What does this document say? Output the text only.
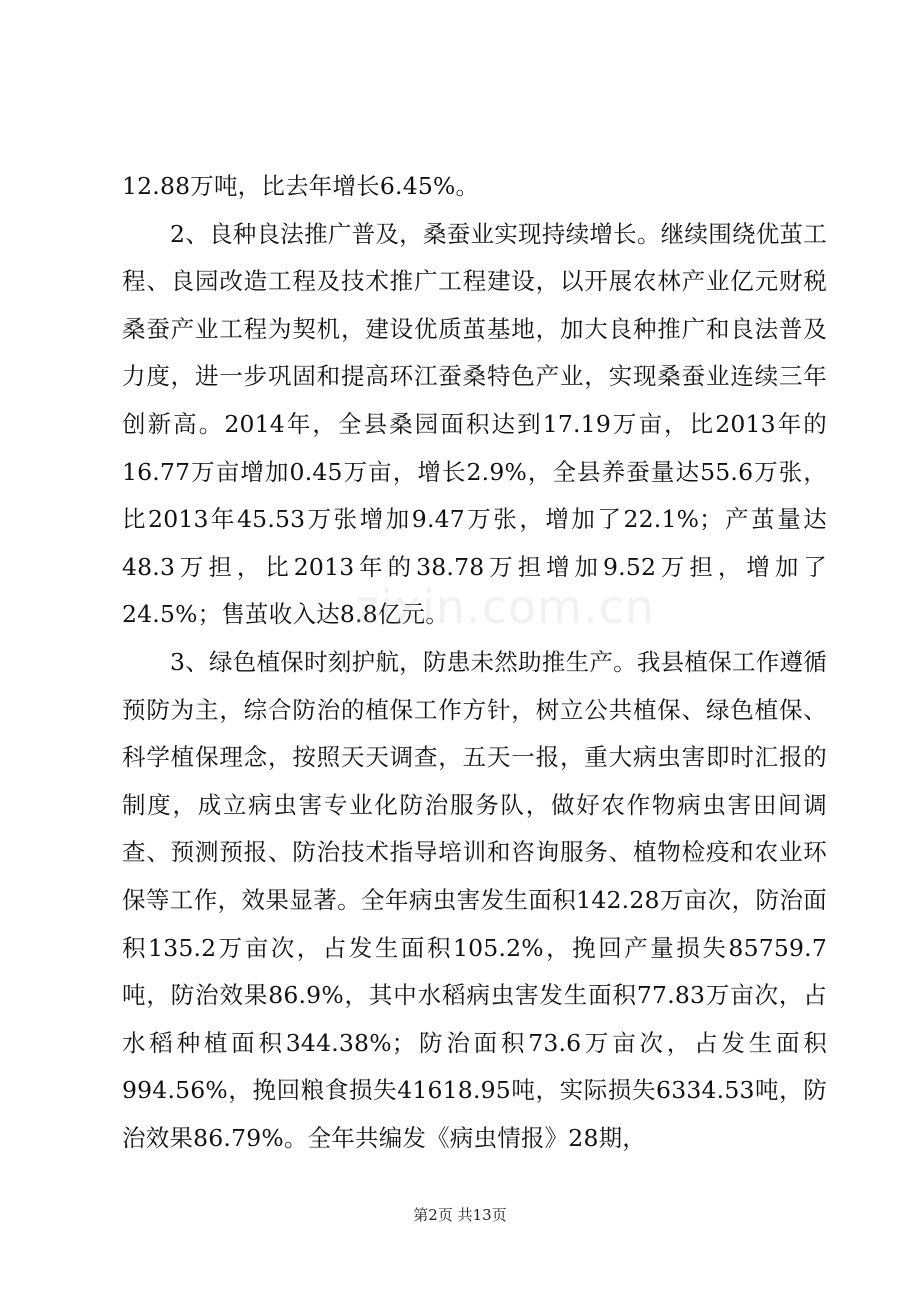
12.88万吨，比去年增长6.45%。

2、良种良法推广普及，桑蚕业实现持续增长。继续围绕优茧工程、良园改造工程及技术推广工程建设，以开展农林产业亿元财税桑蚕产业工程为契机，建设优质茧基地，加大良种推广和良法普及力度，进一步巩固和提高环江蚕桑特色产业，实现桑蚕业连续三年创新高。2014年，全县桑园面积达到17.19万亩，比2013年的16.77万亩增加0.45万亩，增长2.9%，全县养蚕量达55.6万张，比2013年45.53万张增加9.47万张，增加了22.1%；产茧量达48.3万担，比2013年的38.78万担增加9.52万担，增加了24.5%；售茧收入达8.8亿元。

3、绿色植保时刻护航，防患未然助推生产。我县植保工作遵循预防为主，综合防治的植保工作方针，树立公共植保、绿色植保、科学植保理念，按照天天调查，五天一报，重大病虫害即时汇报的制度，成立病虫害专业化防治服务队，做好农作物病虫害田间调查、预测预报、防治技术指导培训和咨询服务、植物检疫和农业环保等工作，效果显著。全年病虫害发生面积142.28万亩次，防治面积135.2万亩次，占发生面积105.2%，挽回产量损失85759.7吨，防治效果86.9%，其中水稻病虫害发生面积77.83万亩次，占水稻种植面积344.38%；防治面积73.6万亩次，占发生面积994.56%，挽回粮食损失41618.95吨，实际损失6334.53吨，防治效果86.79%。全年共编发《病虫情报》28期，

zixin.com.cn
第2页 共13页
